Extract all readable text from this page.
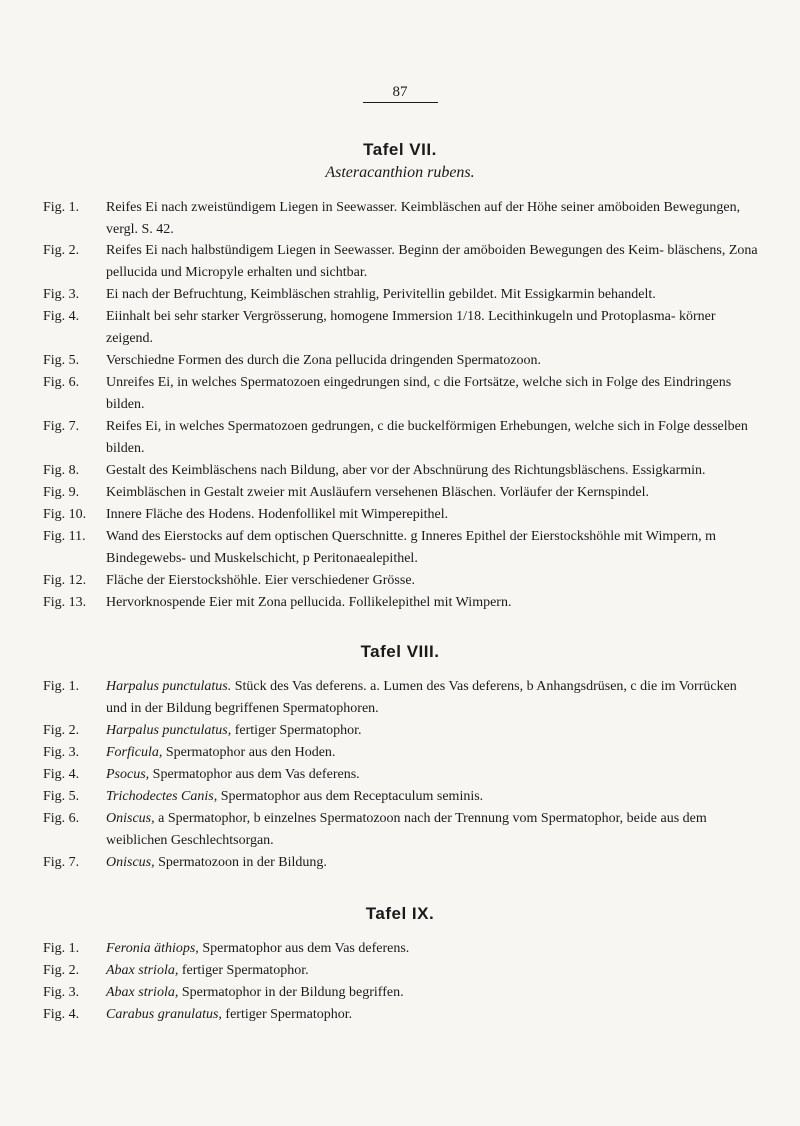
87
Tafel VII.
Asteracanthion rubens.
Fig. 1.	Reifes Ei nach zweistündigem Liegen in Seewasser. Keimbläschen auf der Höhe seiner amöboiden Bewegungen, vergl. S. 42.
Fig. 2.	Reifes Ei nach halbstündigem Liegen in Seewasser. Beginn der amöboiden Bewegungen des Keim- bläschens, Zona pellucida und Micropyle erhalten und sichtbar.
Fig. 3.	Ei nach der Befruchtung, Keimbläschen strahlig, Perivitellin gebildet. Mit Essigkarmin behandelt.
Fig. 4.	Eiinhalt bei sehr starker Vergrösserung, homogene Immersion 1/18. Lecithinkugeln und Protoplasma- körner zeigend.
Fig. 5.	Verschiedne Formen des durch die Zona pellucida dringenden Spermatozoon.
Fig. 6.	Unreifes Ei, in welches Spermatozoen eingedrungen sind, c die Fortsätze, welche sich in Folge des Eindringens bilden.
Fig. 7.	Reifes Ei, in welches Spermatozoen gedrungen, c die buckelförmigen Erhebungen, welche sich in Folge desselben bilden.
Fig. 8.	Gestalt des Keimbläschens nach Bildung, aber vor der Abschnürung des Richtungsbläschens. Essigkarmin.
Fig. 9.	Keimbläschen in Gestalt zweier mit Ausläufern versehenen Bläschen. Vorläufer der Kernspindel.
Fig. 10.	Innere Fläche des Hodens. Hodenfollikel mit Wimperepithel.
Fig. 11.	Wand des Eierstocks auf dem optischen Querschnitte. g Inneres Epithel der Eierstockshöhle mit Wimpern, m Bindegewebs- und Muskelschicht, p Peritonaealepithel.
Fig. 12.	Fläche der Eierstockshöhle. Eier verschiedener Grösse.
Fig. 13.	Hervorknospende Eier mit Zona pellucida. Follikelepithel mit Wimpern.
Tafel VIII.
Fig. 1.	Harpalus punctulatus. Stück des Vas deferens. a. Lumen des Vas deferens, b Anhangsdrüsen, c die im Vorrücken und in der Bildung begriffenen Spermatophoren.
Fig. 2.	Harpalus punctulatus, fertiger Spermatophor.
Fig. 3.	Forficula, Spermatophor aus den Hoden.
Fig. 4.	Psocus, Spermatophor aus dem Vas deferens.
Fig. 5.	Trichodectes Canis, Spermatophor aus dem Receptaculum seminis.
Fig. 6.	Oniscus, a Spermatophor, b einzelnes Spermatozoon nach der Trennung vom Spermatophor, beide aus dem weiblichen Geschlechtsorgan.
Fig. 7.	Oniscus, Spermatozoon in der Bildung.
Tafel IX.
Fig. 1.	Feronia äthiops, Spermatophor aus dem Vas deferens.
Fig. 2.	Abax striola, fertiger Spermatophor.
Fig. 3.	Abax striola, Spermatophor in der Bildung begriffen.
Fig. 4.	Carabus granulatus, fertiger Spermatophor.
